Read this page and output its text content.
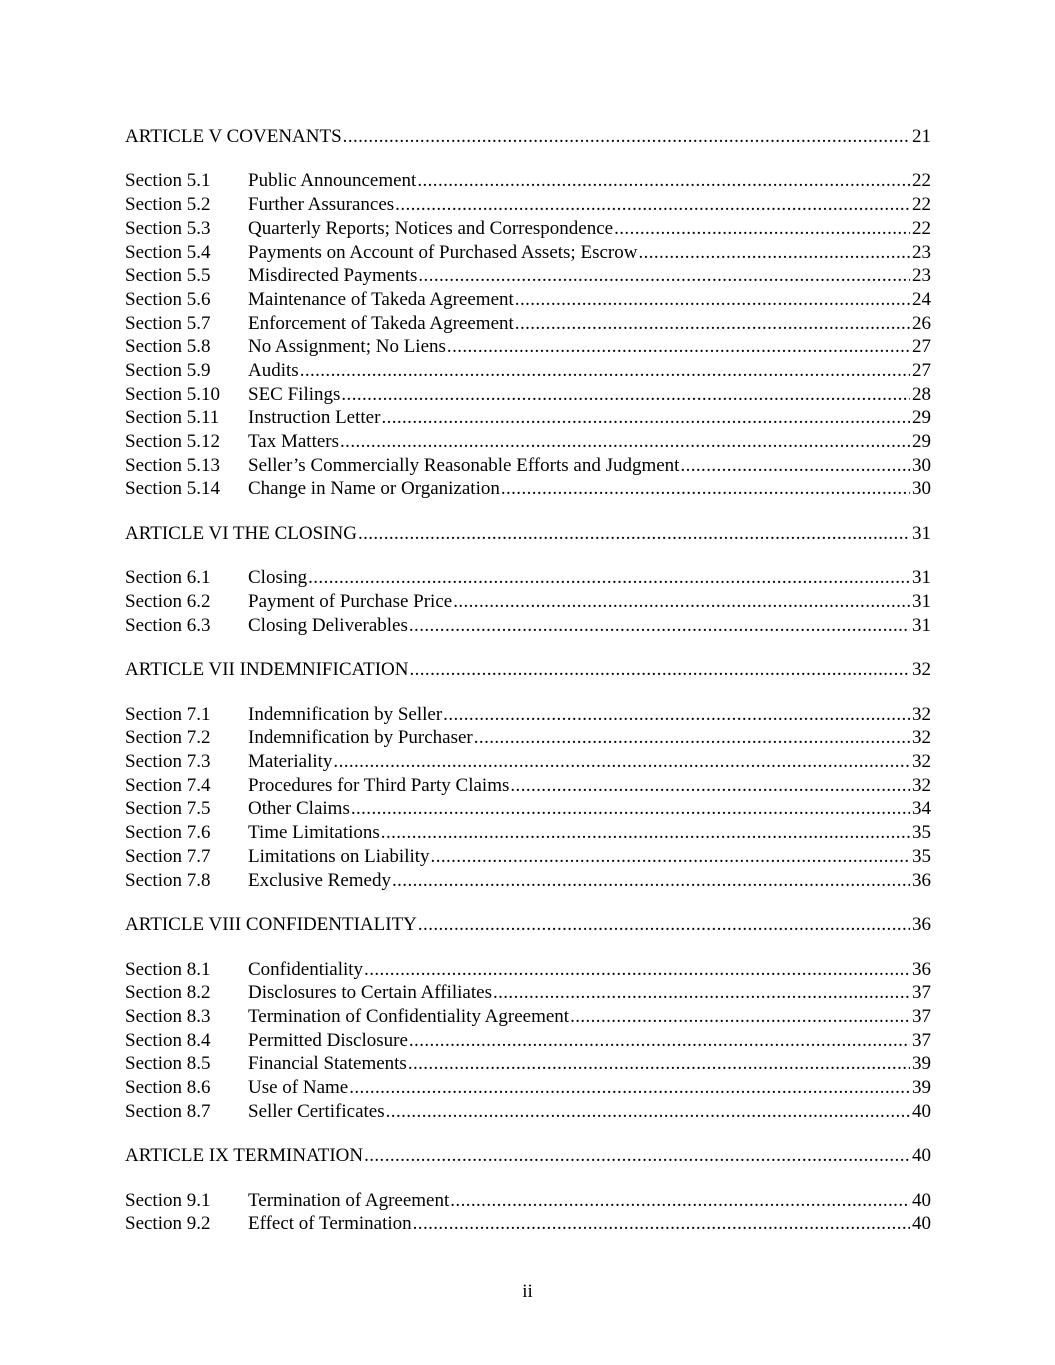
ARTICLE V COVENANTS .....	21
Section 5.1	Public Announcement .....	22
Section 5.2	Further Assurances .....	22
Section 5.3	Quarterly Reports; Notices and Correspondence .....	22
Section 5.4	Payments on Account of Purchased Assets; Escrow .....	23
Section 5.5	Misdirected Payments .....	23
Section 5.6	Maintenance of Takeda Agreement .....	24
Section 5.7	Enforcement of Takeda Agreement .....	26
Section 5.8	No Assignment; No Liens .....	27
Section 5.9	Audits .....	27
Section 5.10	SEC Filings .....	28
Section 5.11	Instruction Letter .....	29
Section 5.12	Tax Matters .....	29
Section 5.13	Seller’s Commercially Reasonable Efforts and Judgment .....	30
Section 5.14	Change in Name or Organization .....	30
ARTICLE VI THE CLOSING .....	31
Section 6.1	Closing .....	31
Section 6.2	Payment of Purchase Price .....	31
Section 6.3	Closing Deliverables .....	31
ARTICLE VII INDEMNIFICATION .....	32
Section 7.1	Indemnification by Seller .....	32
Section 7.2	Indemnification by Purchaser .....	32
Section 7.3	Materiality .....	32
Section 7.4	Procedures for Third Party Claims .....	32
Section 7.5	Other Claims .....	34
Section 7.6	Time Limitations .....	35
Section 7.7	Limitations on Liability .....	35
Section 7.8	Exclusive Remedy .....	36
ARTICLE VIII CONFIDENTIALITY .....	36
Section 8.1	Confidentiality .....	36
Section 8.2	Disclosures to Certain Affiliates .....	37
Section 8.3	Termination of Confidentiality Agreement .....	37
Section 8.4	Permitted Disclosure .....	37
Section 8.5	Financial Statements .....	39
Section 8.6	Use of Name .....	39
Section 8.7	Seller Certificates .....	40
ARTICLE IX TERMINATION .....	40
Section 9.1	Termination of Agreement .....	40
Section 9.2	Effect of Termination .....	40
ii
